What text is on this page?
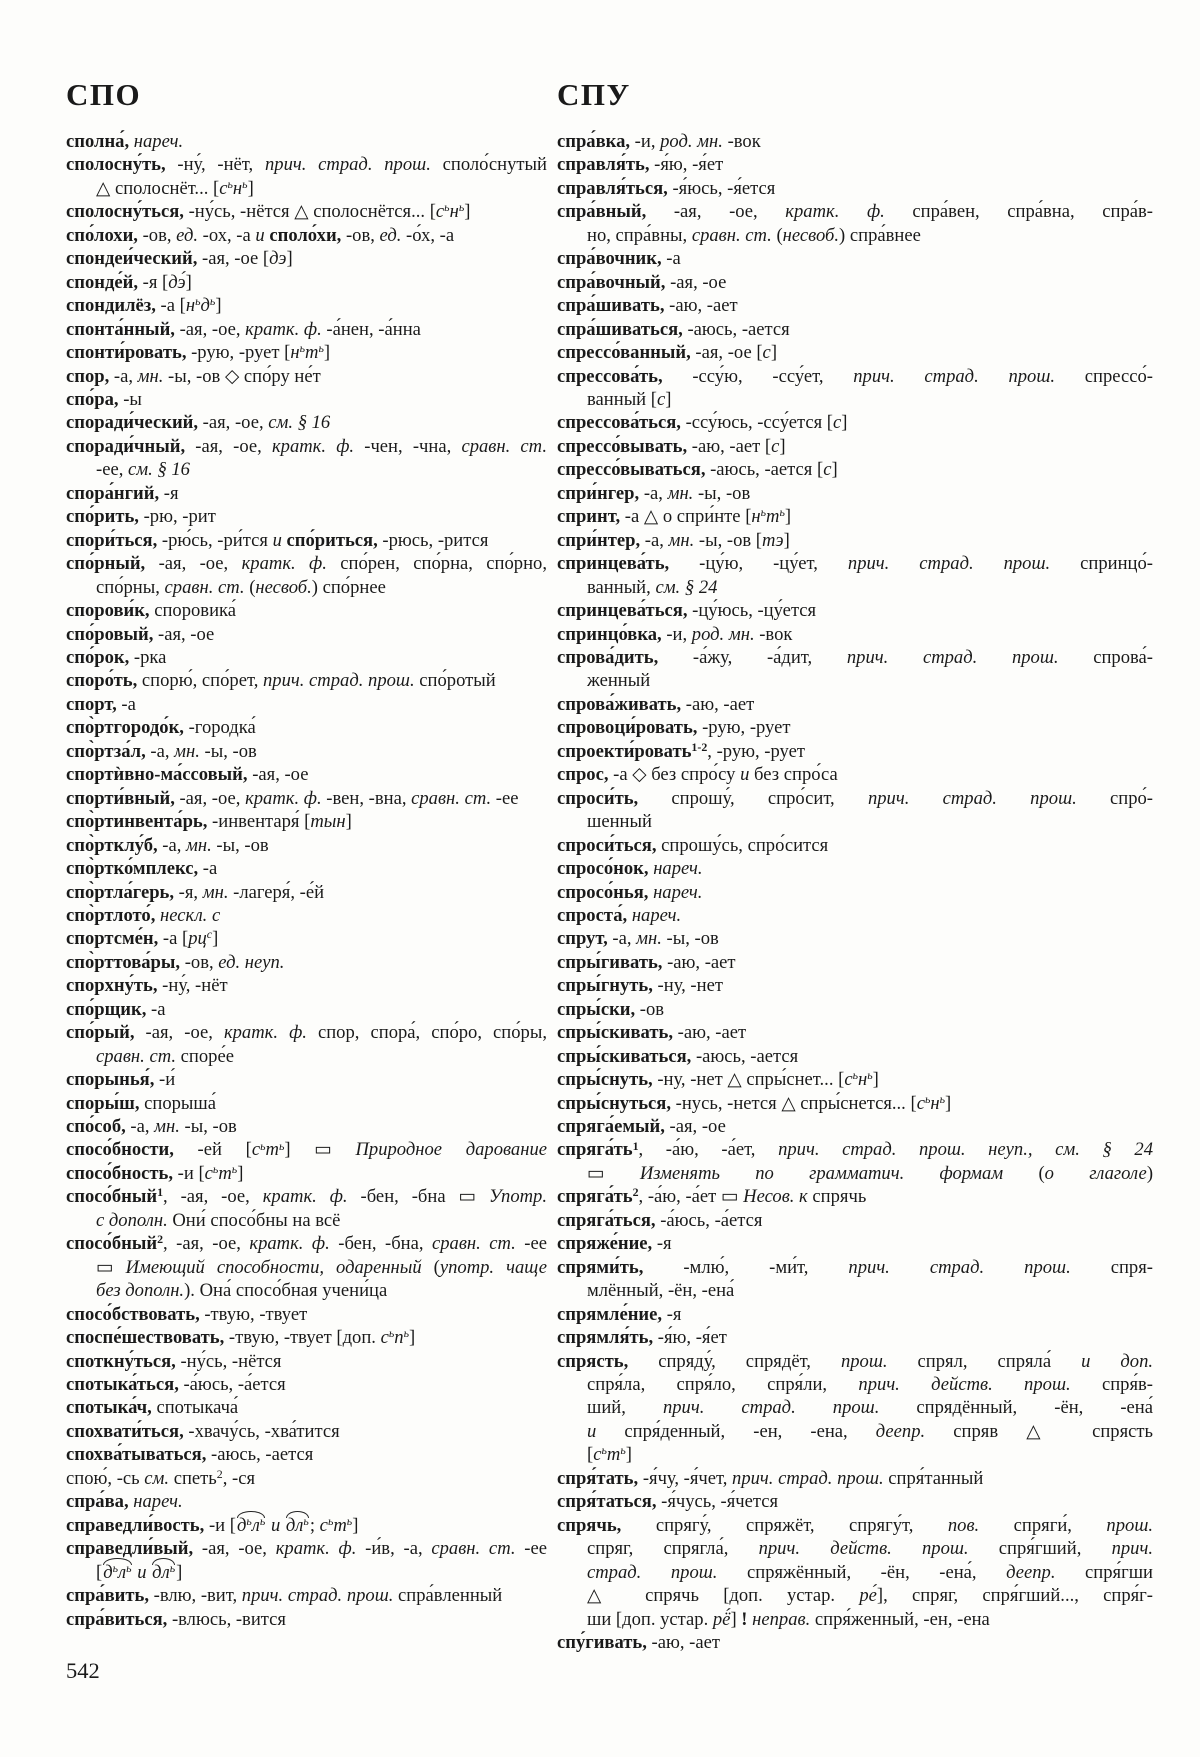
СПО
сполна́, нареч.
сполосну́ть, -ну́, -нёт, прич. страд. прош. споло́снутый
△ сполоснёт... $[с^ьн^ь]$
сполосну́ться, -ну́сь, -нётся △ сполоснётся... $[с^ьн^ь]$
спо́лохи, -ов, ед. -ох, -а и споло́хи, -ов, ед. -о́х, -а
спондеи́ческий, -ая, -ое [дэ]
спонде́й, -я [дэ́]
спондилёз, -а $[н^ьд^ь]$
спонта́нный, -ая, -ое, кратк. ф. -а́нен, -а́нна
спонти́ровать, -рую, -рует $[н^ьт^ь]$
спор, -а, мн. -ы, -ов ◇ спо́ру не́т
спо́ра, -ы
споради́ческий, -ая, -ое, см. § 16
споради́чный, -ая, -ое, кратк. ф. -чен, -чна, сравн. ст.
-ее, см. § 16
спора́нгий, -я
спо́рить, -рю, -рит
спори́ться, -рю́сь, -ри́тся и спо́риться, -рюсь, -рится
спо́рный, -ая, -ое, кратк. ф. спо́рен, спо́рна, спо́рно,
спо́рны, сравн. ст. (несвоб.) спо́рнее
спорови́к, споровика́
спо́ровый, -ая, -ое
спо́рок, -рка
споро́ть, спорю́, спо́рет, прич. страд. прош. спо́ротый
спорт, -а
спо̀ртгородо́к, -городка́
спо̀ртза́л, -а, мн. -ы, -ов
спортѝвно-ма́ссовый, -ая, -ое
спорти́вный, -ая, -ое, кратк. ф. -вен, -вна, сравн. ст. -ее
спо̀ртинвента́рь, -инвентаря́ [тын]
спо̀ртклу́б, -а, мн. -ы, -ов
спо̀ртко́мплекс, -а
спо̀ртла́герь, -я, мн. -лагеря́, -е́й
спо̀ртлото́, нескл. с
спортсме́н, -а $[рц^с]$
спо̀рттова́ры, -ов, ед. неуп.
спорхну́ть, -ну́, -нёт
спо́рщик, -а
спо́рый, -ая, -ое, кратк. ф. спор, спора́, спо́ро, спо́ры,
сравн. ст. споре́е
спорынья́, -и́
споры́ш, спорыша́
спо́соб, -а, мн. -ы, -ов
спосо́бности, -ей $[с^ьт^ь]$ ▭ Природное дарование
спосо́бность, -и $[с^ьт^ь]$
спосо́бный$^1$, -ая, -ое, кратк. ф. -бен, -бна ▭ Употр.
с дополн. Они́ спосо́бны на всё
спосо́бный$^2$, -ая, -ое, кратк. ф. -бен, -бна, сравн. ст. -ее
▭ Имеющий способности, одаренный (употр. чаще
без дополн.). Она́ спосо́бная учени́ца
спосо́бствовать, -твую, -твует
споспе́шествовать, -твую, -твует [доп. $с^ьп^ь$]
споткну́ться, -ну́сь, -нётся
спотыка́ться, -а́юсь, -а́ется
спотыка́ч, спотыкача́
спохвати́ться, -хвачу́сь, -хва́тится
спохва́тываться, -аюсь, -ается
спою́, -сь см. спеть$^2$, -ся
спра́ва, нареч.
справедли́вость, -и [$д^ьл^ь$ и $дл^ь$; $с^ьт^ь$]
справедли́вый, -ая, -ое, кратк. ф. -и́в, -а, сравн. ст. -ее
[$д^ьл^ь$ и $дл^ь$]
спра́вить, -влю, -вит, прич. страд. прош. спра́вленный
спра́виться, -влюсь, -вится
СПУ
спра́вка, -и, род. мн. -вок
справля́ть, -я́ю, -я́ет
справля́ться, -я́юсь, -я́ется
спра́вный, -ая, -ое, кратк. ф. спра́вен, спра́вна, спра́в-
но, спра́вны, сравн. ст. (несвоб.) спра́внее
спра́вочник, -а
спра́вочный, -ая, -ое
спра́шивать, -аю, -ает
спра́шиваться, -аюсь, -ается
спрессо́ванный, -ая, -ое [с]
спрессова́ть, -ссу́ю, -ссу́ет, прич. страд. прош. спрессо́-
ванный [с]
спрессова́ться, -ссу́юсь, -ссу́ется [с]
спрессо́вывать, -аю, -ает [с]
спрессо́вываться, -аюсь, -ается [с]
спри́нгер, -а, мн. -ы, -ов
спринт, -а △ о спри́нте $[н^ьт^ь]$
спри́нтер, -а, мн. -ы, -ов [тэ]
спринцева́ть, -цу́ю, -цу́ет, прич. страд. прош. спринцо́-
ванный, см. § 24
спринцева́ться, -цу́юсь, -цу́ется
спринцо́вка, -и, род. мн. -вок
спрова́дить, -а́жу, -а́дит, прич. страд. прош. спрова́-
женный
спрова́живать, -аю, -ает
спровоци́ровать, -рую, -рует
спроекти́ровать$^{1-2}$, -рую, -рует
спрос, -а ◇ без спро́су и без спро́са
спроси́ть, спрошу́, спро́сит, прич. страд. прош. спро́-
шенный
спроси́ться, спрошу́сь, спро́сится
спросо́нок, нареч.
спросо́нья, нареч.
спроста́, нареч.
спрут, -а, мн. -ы, -ов
спры́гивать, -аю, -ает
спры́гнуть, -ну, -нет
спры́ски, -ов
спры́скивать, -аю, -ает
спры́скиваться, -аюсь, -ается
спры́снуть, -ну, -нет △ спры́снет... $[с^ьн^ь]$
спры́снуться, -нусь, -нется △ спры́снется... $[с^ьн^ь]$
спряга́емый, -ая, -ое
$спряга́ть^1$, -а́ю, -а́ет, прич. страд. прош. неуп., см. § 24
▭ Изменять по грамматич. формам (о глаголе)
$спряга́ть^2$, -а́ю, -а́ет ▭ Несов. к спрячь
спряга́ться, -а́юсь, -а́ется
спряже́ние, -я
спрями́ть, -млю́, -ми́т, прич. страд. прош. спря-
млённый, -ён, -ена́
спрямле́ние, -я
спрямля́ть, -я́ю, -я́ет
спрясть, спряду́, спрядёт, прош. спрял, спряла́ и доп.
спря́ла, спря́ло, спря́ли, прич. действ. прош. спря́в-
ший, прич. страд. прош. спрядённый, -ён, -ена́
и спря́денный, -ен, -ена, деепр. спряв △ спрясть
$[с^ьт^ь]$
спря́тать, -я́чу, -я́чет, прич. страд. прош. спря́танный
спря́таться, -я́чусь, -я́чется
спрячь, спрягу́, спряжёт, спрягу́т, пов. спряги́, прош.
спряг, спрягла́, прич. действ. прош. спря́гший, прич.
страд. прош. спряжённый, -ён, -ена́, деепр. спря́гши
△ спрячь [доп. устар. ре́], спряг, спря́гший..., спря́г-
ши [доп. устар. рё́] ! неправ. спря́женный, -ен, -ена
спу́гивать, -аю, -ает
542
